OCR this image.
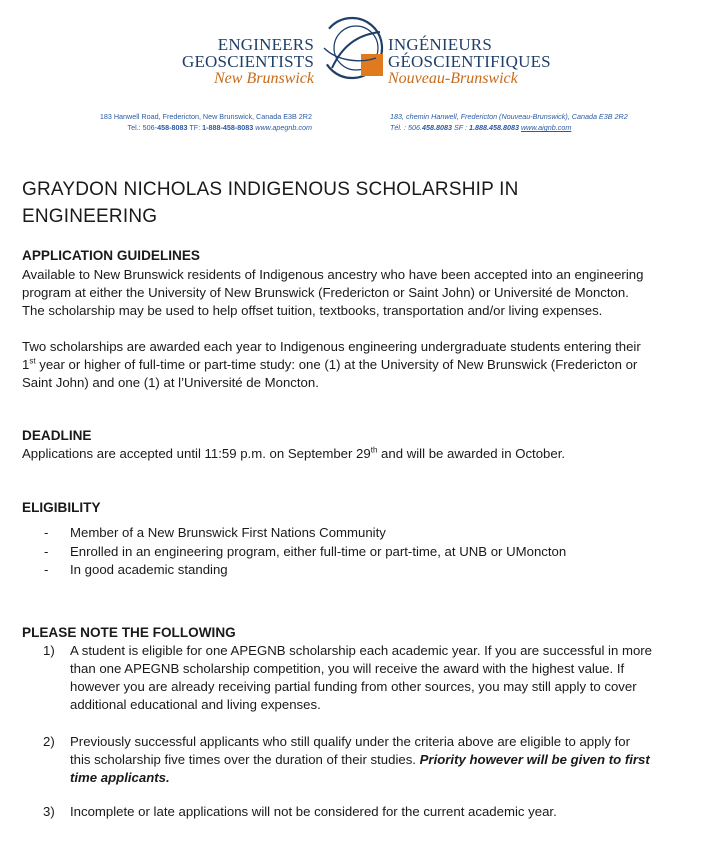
ENGINEERS
GEOSCIENTISTS
New Brunswick
INGÉNIEURS
GÉOSCIENTIFIQUES
Nouveau-Brunswick
183 Hanwell Road, Fredericton, New Brunswick, Canada E3B 2R2
Tel.: 506-458-8083 TF: 1-888-458-8083 www.apegnb.com
183, chemin Hanwell, Fredericton (Nouveau-Brunswick), Canada E3B 2R2
Tél. : 506.458.8083 SF : 1.888.458.8083 www.aignb.com
GRAYDON NICHOLAS INDIGENOUS SCHOLARSHIP IN
ENGINEERING
APPLICATION GUIDELINES
Available to New Brunswick residents of Indigenous ancestry who have been accepted into an engineering
program at either the University of New Brunswick (Fredericton or Saint John) or Université de Moncton.
The scholarship may be used to help offset tuition, textbooks, transportation and/or living expenses.
Two scholarships are awarded each year to Indigenous engineering undergraduate students entering their
1st year or higher of full-time or part-time study: one (1) at the University of New Brunswick (Fredericton or
Saint John) and one (1) at l’Université de Moncton.
DEADLINE
Applications are accepted until 11:59 p.m. on September 29th and will be awarded in October.
ELIGIBILITY
- Member of a New Brunswick First Nations Community
- Enrolled in an engineering program, either full-time or part-time, at UNB or UMoncton
- In good academic standing
PLEASE NOTE THE FOLLOWING
1) A student is eligible for one APEGNB scholarship each academic year. If you are successful in more
than one APEGNB scholarship competition, you will receive the award with the highest value. If
however you are already receiving partial funding from other sources, you may still apply to cover
additional educational and living expenses.
2) Previously successful applicants who still qualify under the criteria above are eligible to apply for
this scholarship five times over the duration of their studies. Priority however will be given to first
time applicants.
3) Incomplete or late applications will not be considered for the current academic year.
